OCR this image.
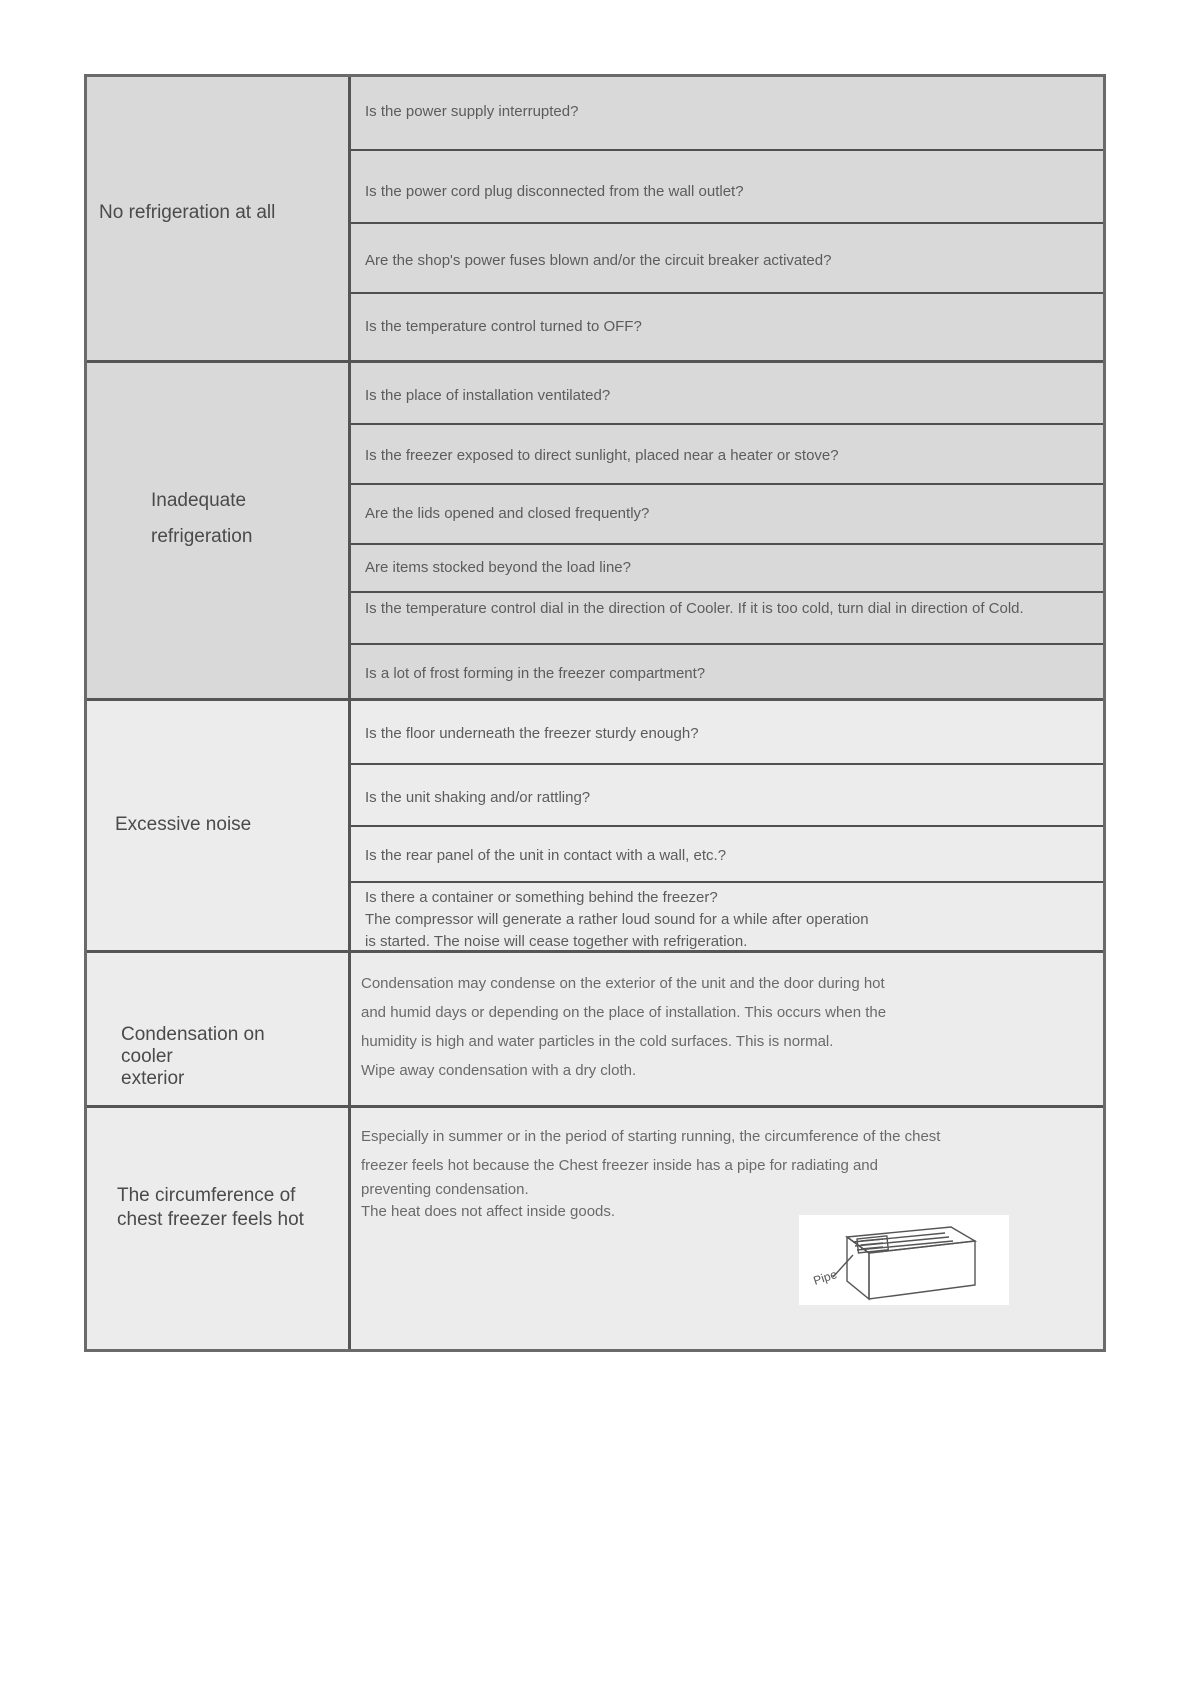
No refrigeration at all
Is the power supply interrupted?
Is the power cord plug disconnected from the wall outlet?
Are the shop's power fuses blown and/or the circuit breaker activated?
Is the temperature control turned to OFF?
Inadequate
refrigeration
Is the place of installation ventilated?
Is the freezer exposed to direct sunlight, placed near a heater or stove?
Are the lids opened and closed frequently?
Are items stocked beyond the load line?
Is the temperature control dial in the direction of Cooler. If it is too cold, turn dial in direction of Cold.
Is a lot of frost forming in the freezer compartment?
Excessive noise
Is the floor underneath the freezer sturdy enough?
Is the unit shaking and/or rattling?
Is the rear panel of the unit in contact with a wall, etc.?
Is there a container or something behind the freezer?
The compressor will generate a rather loud sound for a while after operation
is started. The noise will cease together with refrigeration.
Condensation on
cooler
exterior
Condensation may condense on the exterior of the unit and the door during hot
and humid days or depending on the place of installation. This occurs when the
humidity is high and water particles in the cold surfaces. This is normal.
Wipe away condensation with a dry cloth.
The circumference of
chest freezer feels hot
Especially in summer or in the period of starting running, the circumference of the chest
freezer feels hot because the Chest freezer inside has a pipe for radiating and
preventing condensation.
The heat does not affect inside goods.
Pipe
